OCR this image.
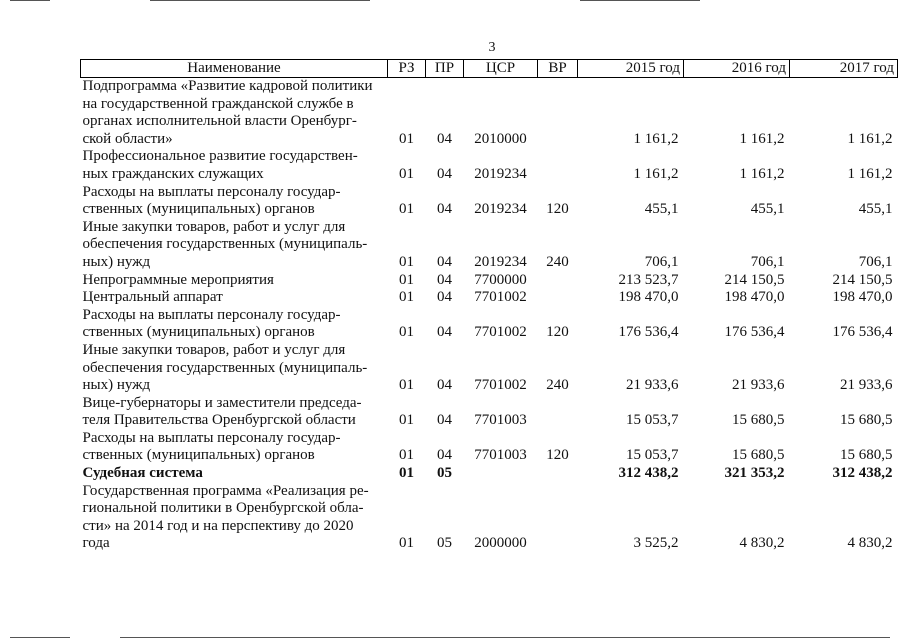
3
Наименование	РЗ	ПР	ЦСР	ВР	2015 год	2016 год	2017 год

Подпрограмма «Развитие кадровой политики
на государственной гражданской службе в
органах исполнительной власти Оренбург-
ской области»	01	04	2010000		1 161,2	1 161,2	1 161,2

Профессиональное развитие государствен-
ных гражданских служащих	01	04	2019234		1 161,2	1 161,2	1 161,2

Расходы на выплаты персоналу государ-
ственных (муниципальных) органов	01	04	2019234	120	455,1	455,1	455,1

Иные закупки товаров, работ и услуг для
обеспечения государственных (муниципаль-
ных) нужд	01	04	2019234	240	706,1	706,1	706,1

Непрограммные мероприятия	01	04	7700000		213 523,7	214 150,5	214 150,5

Центральный аппарат	01	04	7701002		198 470,0	198 470,0	198 470,0

Расходы на выплаты персоналу государ-
ственных (муниципальных) органов	01	04	7701002	120	176 536,4	176 536,4	176 536,4

Иные закупки товаров, работ и услуг для
обеспечения государственных (муниципаль-
ных) нужд	01	04	7701002	240	21 933,6	21 933,6	21 933,6

Вице-губернаторы и заместители председа-
теля Правительства Оренбургской области	01	04	7701003		15 053,7	15 680,5	15 680,5

Расходы на выплаты персоналу государ-
ственных (муниципальных) органов	01	04	7701003	120	15 053,7	15 680,5	15 680,5

Судебная система	01	05			312 438,2	321 353,2	312 438,2

Государственная программа «Реализация ре-
гиональной политики в Оренбургской обла-
сти» на 2014 год и на перспективу до 2020
года	01	05	2000000		3 525,2	4 830,2	4 830,2
